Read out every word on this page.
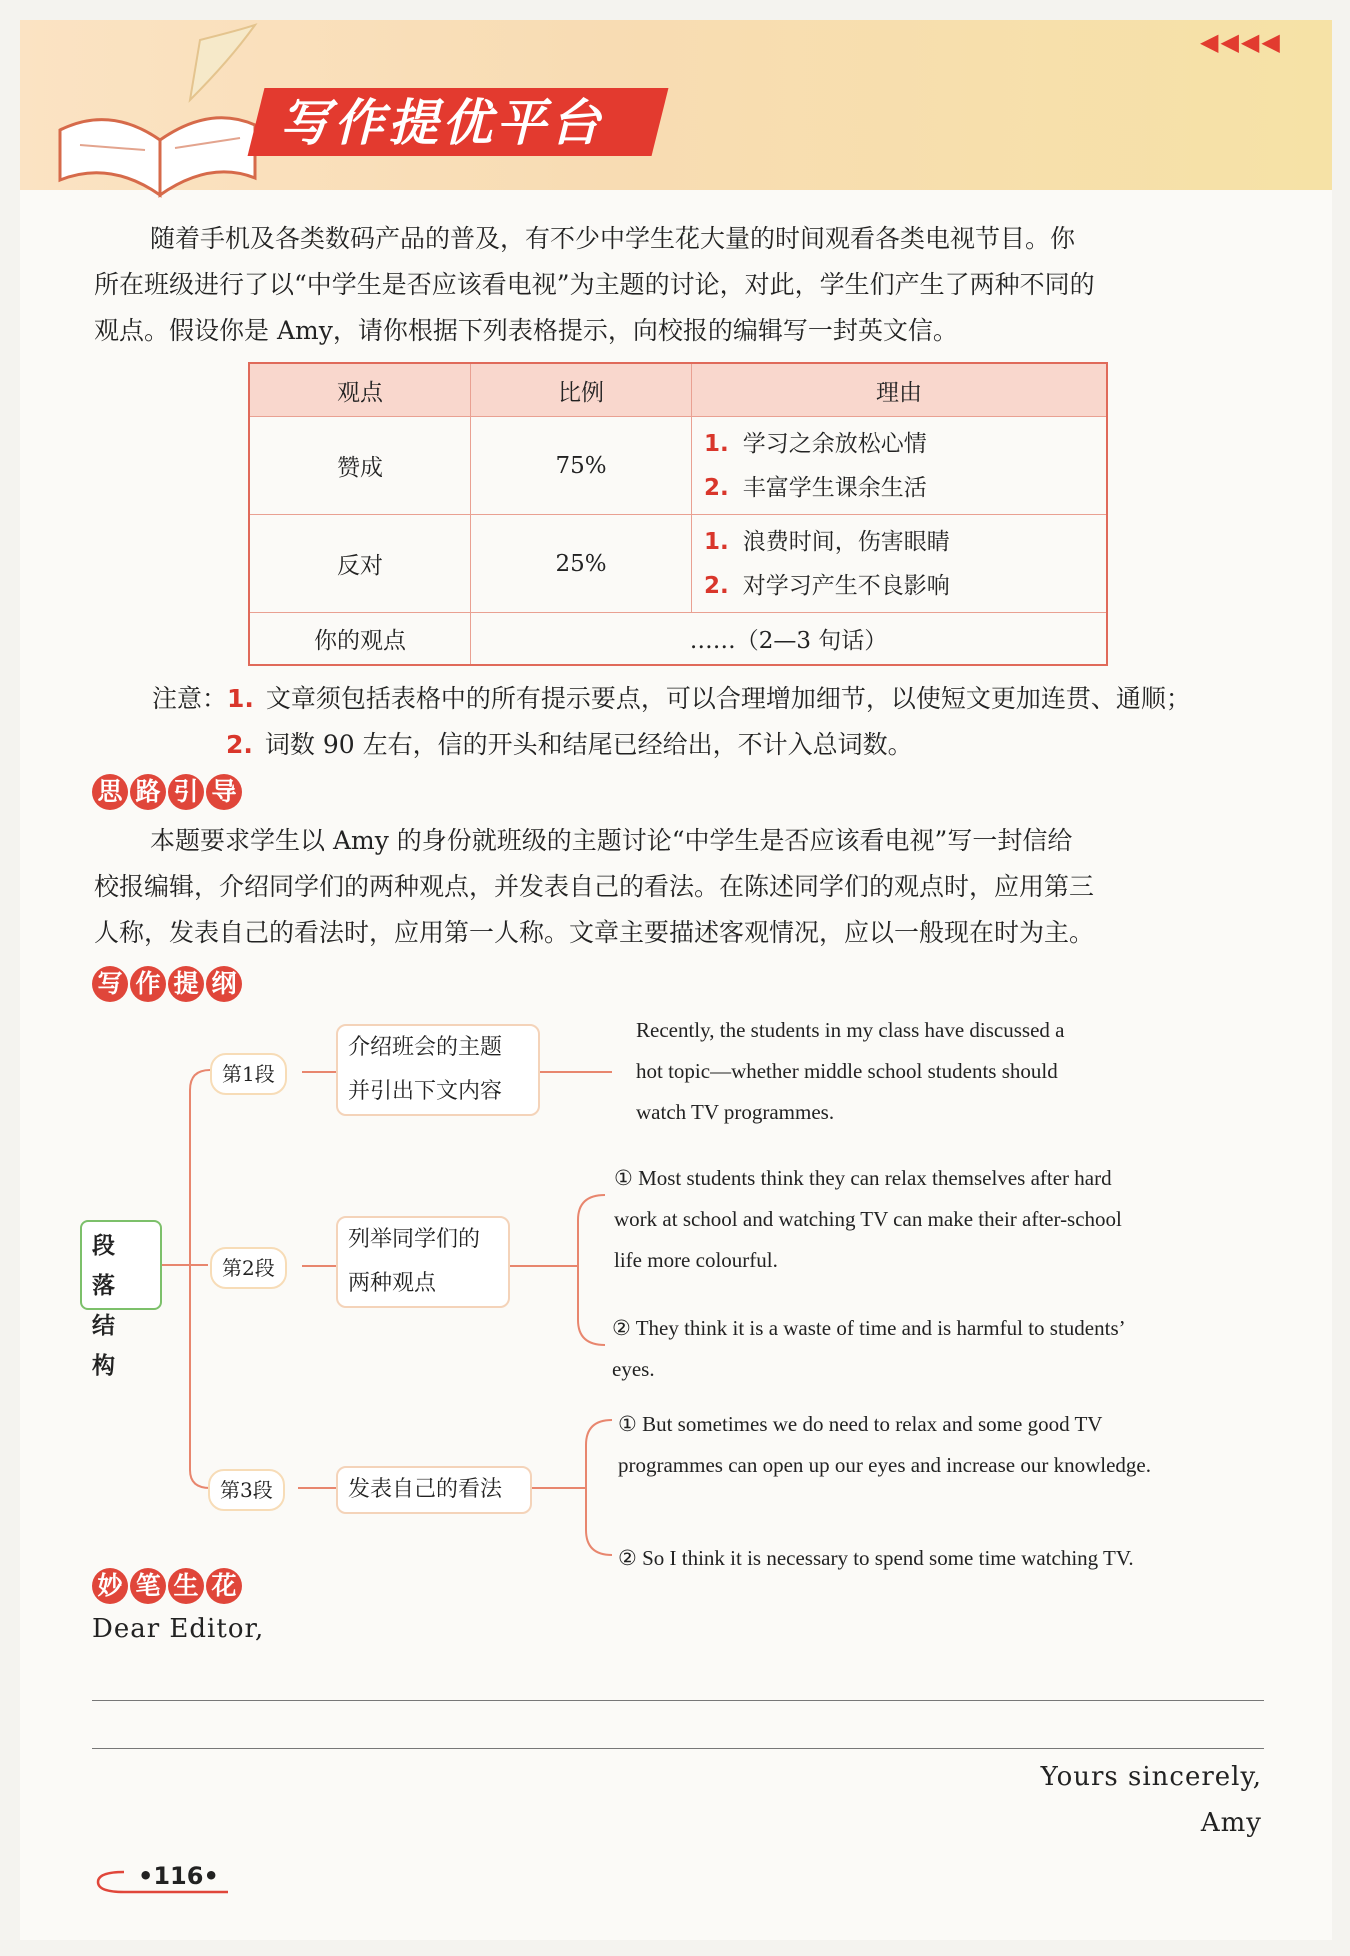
写作提优平台
◀◀◀◀

随着手机及各类数码产品的普及，有不少中学生花大量的时间观看各类电视节目。你

所在班级进行了以“中学生是否应该看电视”为主题的讨论，对此，学生们产生了两种不同的

观点。假设你是 Amy，请你根据下列表格提示，向校报的编辑写一封英文信。

观点	比例	理由
赞成	75%	1. 学习之余放松心情
2. 丰富学生课余生活

反对	25%	1. 浪费时间，伤害眼睛
2. 对学习产生不良影响

你的观点	……（2—3 句话）	
注意：1. 文章须包括表格中的所有提示要点，可以合理增加细节，以使短文更加连贯、通顺；
2. 词数 90 左右，信的开头和结尾已经给出，不计入总词数。
思 路 引 导

本题要求学生以 Amy 的身份就班级的主题讨论“中学生是否应该看电视”写一封信给

校报编辑，介绍同学们的两种观点，并发表自己的看法。在陈述同学们的观点时，应用第三

人称，发表自己的看法时，应用第一人称。文章主要描述客观情况，应以一般现在时为主。

写 作 提 纲
段 落
结 构
第1段
介绍班会的主题
并引出下文内容
Recently, the students in my class have discussed a
hot topic—whether middle school students should
watch TV programmes.
第2段
列举同学们的
两种观点
① Most students think they can relax themselves after hard
work at school and watching TV can make their after-school
life more colourful.
② They think it is a waste of time and is harmful to students’
eyes.
第3段	发表自己的看法
① But sometimes we do need to relax and some good TV
programmes can open up our eyes and increase our knowledge.
② So I think it is necessary to spend some time watching TV.
妙 笔 生 花
Dear Editor,
Yours sincerely,
Amy
•116•
